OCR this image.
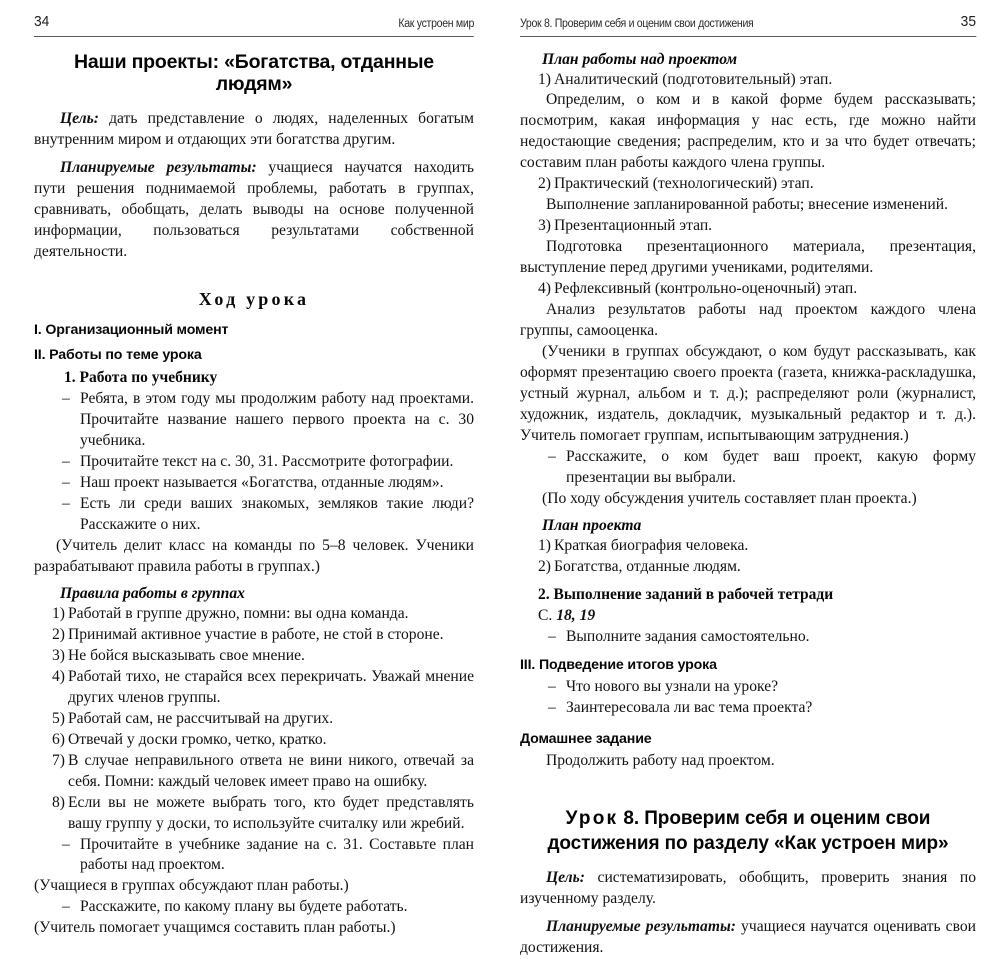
34	Как устроен мир
Наши проекты: «Богатства, отданные людям»

Цель: дать представление о людях, наделенных богатым внутренним миром и отдающих эти богатства другим.

Планируемые результаты: учащиеся научатся находить пути решения поднимаемой проблемы, работать в группах, сравнивать, обобщать, делать выводы на основе полученной информации, пользоваться результатами собственной деятельности.

Ход урока
I. Организационный момент
II. Работы по теме урока
1. Работа по учебнику
– Ребята, в этом году мы продолжим работу над проектами. Прочитайте название нашего первого проекта на с. 30 учебника.
– Прочитайте текст на с. 30, 31. Рассмотрите фотографии.
– Наш проект называется «Богатства, отданные людям».
– Есть ли среди ваших знакомых, земляков такие люди? Расскажите о них.
(Учитель делит класс на команды по 5–8 человек. Ученики разрабатывают правила работы в группах.)
Правила работы в группах
1) Работай в группе дружно, помни: вы одна команда.
2) Принимай активное участие в работе, не стой в стороне.
3) Не бойся высказывать свое мнение.
4) Работай тихо, не старайся всех перекричать. Уважай мнение других членов группы.
5) Работай сам, не рассчитывай на других.
6) Отвечай у доски громко, четко, кратко.
7) В случае неправильного ответа не вини никого, отвечай за себя. Помни: каждый человек имеет право на ошибку.
8) Если вы не можете выбрать того, кто будет представлять вашу группу у доски, то используйте считалку или жребий.
– Прочитайте в учебнике задание на с. 31. Составьте план работы над проектом.
(Учащиеся в группах обсуждают план работы.)
– Расскажите, по какому плану вы будете работать.
(Учитель помогает учащимся составить план работы.)
Урок 8. Проверим себя и оценим свои достижения	35
План работы над проектом
1) Аналитический (подготовительный) этап.

Определим, о ком и в какой форме будем рассказывать; посмотрим, какая информация у нас есть, где можно найти недостающие сведения; распределим, кто и за что будет отвечать; составим план работы каждого члена группы.

2) Практический (технологический) этап.

Выполнение запланированной работы; внесение изменений.

3) Презентационный этап.

Подготовка презентационного материала, презентация, выступление перед другими учениками, родителями.

4) Рефлексивный (контрольно-оценочный) этап.

Анализ результатов работы над проектом каждого члена группы, самооценка.

(Ученики в группах обсуждают, о ком будут рассказывать, как оформят презентацию своего проекта (газета, книжка-раскладушка, устный журнал, альбом и т. д.); распределяют роли (журналист, художник, издатель, докладчик, музыкальный редактор и т. д.). Учитель помогает группам, испытывающим затруднения.)
– Расскажите, о ком будет ваш проект, какую форму презентации вы выбрали.
(По ходу обсуждения учитель составляет план проекта.)
План проекта
1) Краткая биография человека.
2) Богатства, отданные людям.
2. Выполнение заданий в рабочей тетради
С. 18, 19
– Выполните задания самостоятельно.
III. Подведение итогов урока
– Что нового вы узнали на уроке?
– Заинтересовала ли вас тема проекта?
Домашнее задание

Продолжить работу над проектом.

Урок 8. Проверим себя и оценим свои
достижения по разделу «Как устроен мир»

Цель: систематизировать, обобщить, проверить знания по изученному разделу.

Планируемые результаты: учащиеся научатся оценивать свои достижения.
